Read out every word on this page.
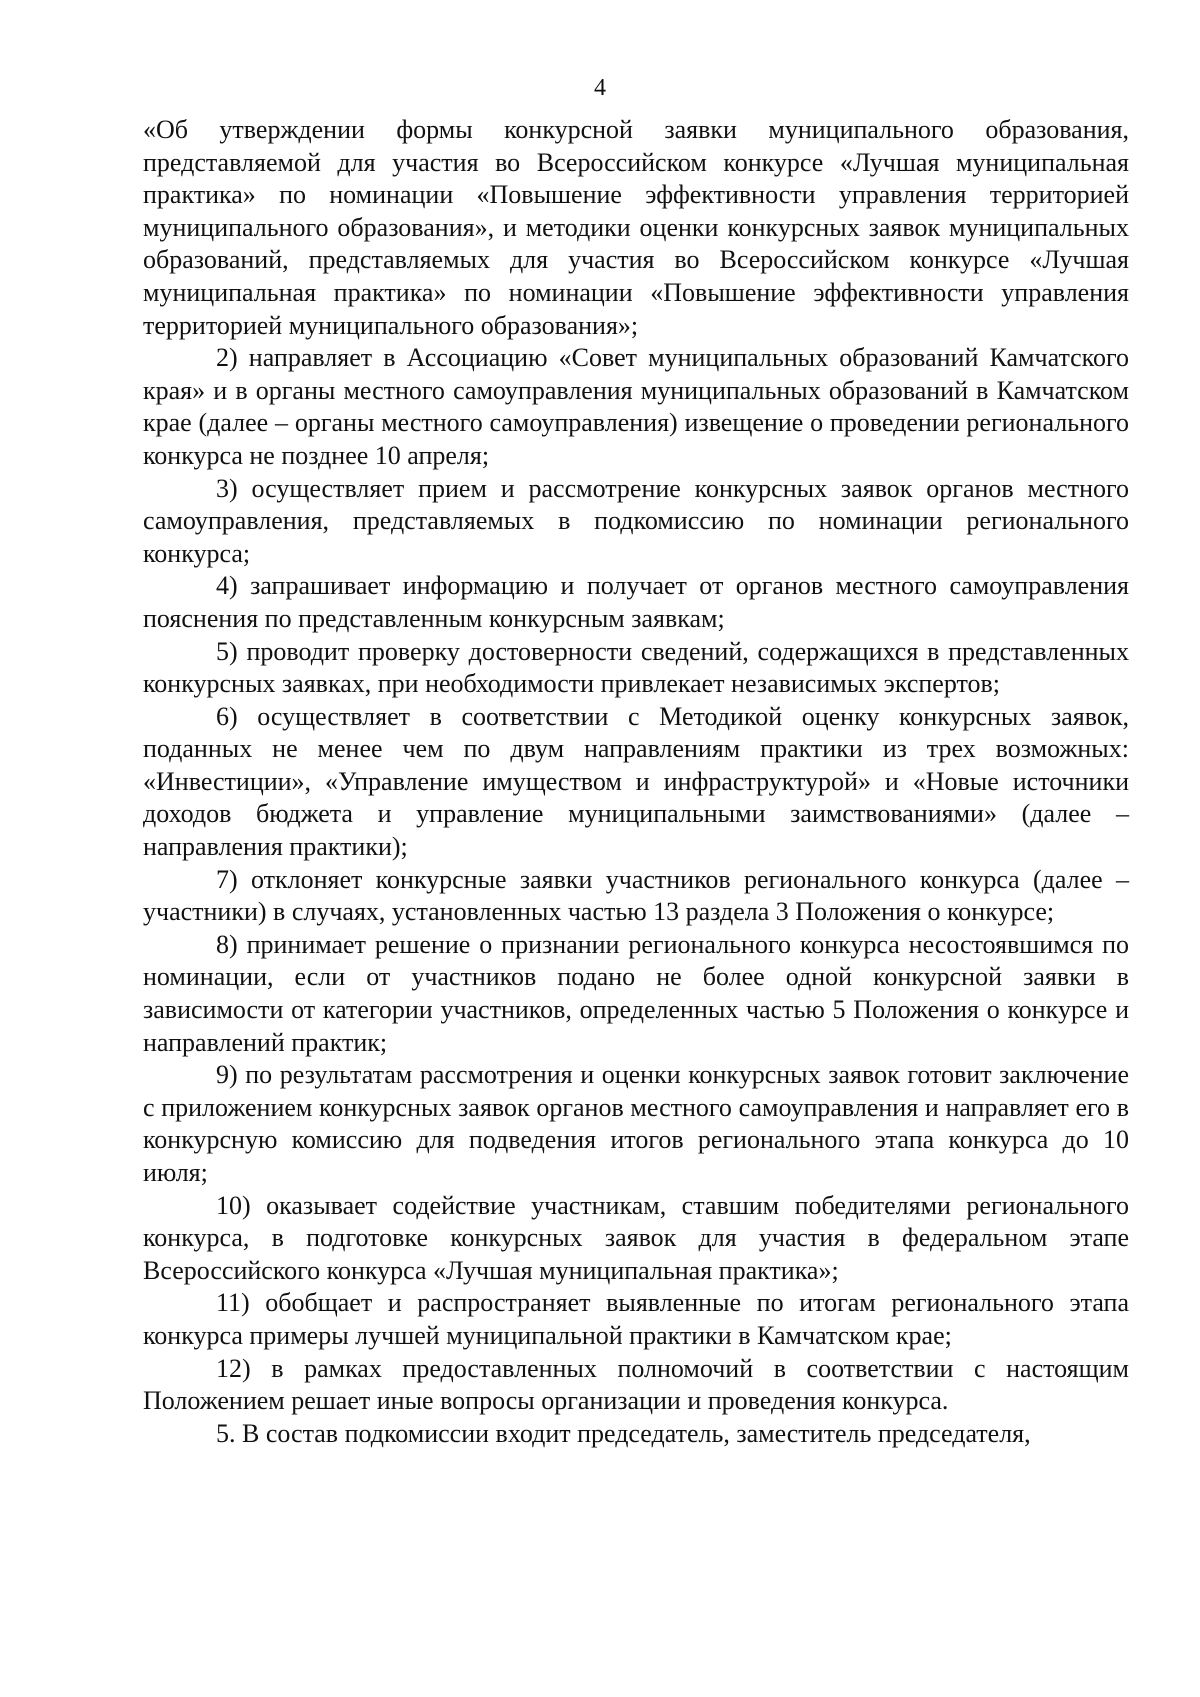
4

«Об утверждении формы конкурсной заявки муниципального образования, представляемой для участия во Всероссийском конкурсе «Лучшая муниципальная практика» по номинации «Повышение эффективности управления территорией муниципального образования», и методики оценки конкурсных заявок муниципальных образований, представляемых для участия во Всероссийском конкурсе «Лучшая муниципальная практика» по номинации «Повышение эффективности управления территорией муниципального образования»;

2) направляет в Ассоциацию «Совет муниципальных образований Камчатского края» и в органы местного самоуправления муниципальных образований в Камчатском крае (далее – органы местного самоуправления) извещение о проведении регионального конкурса не позднее 10 апреля;

3) осуществляет прием и рассмотрение конкурсных заявок органов местного самоуправления, представляемых в подкомиссию по номинации регионального конкурса;

4) запрашивает информацию и получает от органов местного самоуправления пояснения по представленным конкурсным заявкам;

5) проводит проверку достоверности сведений, содержащихся в представленных конкурсных заявках, при необходимости привлекает независимых экспертов;

6) осуществляет в соответствии с Методикой оценку конкурсных заявок, поданных не менее чем по двум направлениям практики из трех возможных: «Инвестиции», «Управление имуществом и инфраструктурой» и «Новые источники доходов бюджета и управление муниципальными заимствованиями» (далее – направления практики);

7) отклоняет конкурсные заявки участников регионального конкурса (далее – участники) в случаях, установленных частью 13 раздела 3 Положения о конкурсе;

8) принимает решение о признании регионального конкурса несостоявшимся по номинации, если от участников подано не более одной конкурсной заявки в зависимости от категории участников, определенных частью 5 Положения о конкурсе и направлений практик;

9) по результатам рассмотрения и оценки конкурсных заявок готовит заключение с приложением конкурсных заявок органов местного самоуправления и направляет его в конкурсную комиссию для подведения итогов регионального этапа конкурса до 10 июля;

10) оказывает содействие участникам, ставшим победителями регионального конкурса, в подготовке конкурсных заявок для участия в федеральном этапе Всероссийского конкурса «Лучшая муниципальная практика»;

11) обобщает и распространяет выявленные по итогам регионального этапа конкурса примеры лучшей муниципальной практики в Камчатском крае;

12) в рамках предоставленных полномочий в соответствии с настоящим Положением решает иные вопросы организации и проведения конкурса.

5. В состав подкомиссии входит председатель, заместитель председателя,
